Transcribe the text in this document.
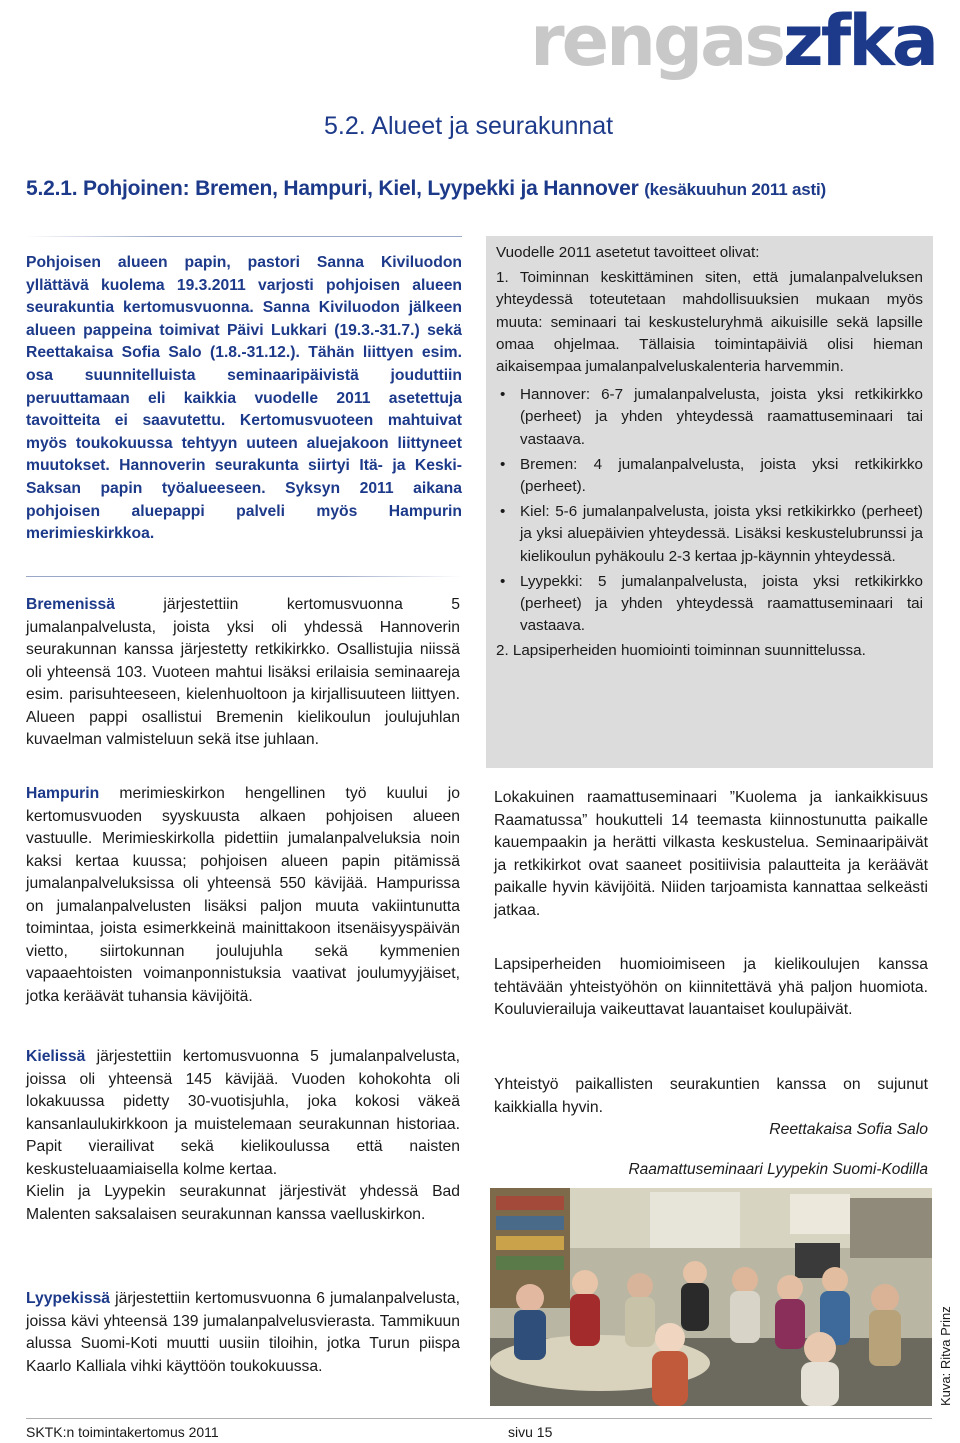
rengaszfka
5.2. Alueet ja seurakunnat
5.2.1. Pohjoinen: Bremen, Hampuri, Kiel, Lyypekki ja Hannover (kesäkuuhun 2011 asti)
Pohjoisen alueen papin, pastori Sanna Kiviluodon yllättävä kuolema 19.3.2011 varjosti pohjoisen alueen seurakuntia kertomusvuonna. Sanna Kiviluodon jälkeen alueen pappeina toimivat Päivi Lukkari (19.3.-31.7.) sekä Reettakaisa Sofia Salo (1.8.-31.12.). Tähän liittyen esim. osa suunnitelluista seminaaripäivistä jouduttiin peruuttamaan eli kaikkia vuodelle 2011 asetettuja tavoitteita ei saavutettu. Kertomusvuoteen mahtuivat myös toukokuussa tehtyyn uuteen aluejakoon liittyneet muutokset. Hannoverin seurakunta siirtyi Itä- ja Keski-Saksan papin työalueeseen. Syksyn 2011 aikana pohjoisen aluepappi palveli myös Hampurin merimieskirkkoa.
Bremenissä järjestettiin kertomusvuonna 5 jumalanpalvelusta, joista yksi oli yhdessä Hannoverin seurakunnan kanssa järjestetty retkikirkko. Osallistujia niissä oli yhteensä 103. Vuoteen mahtui lisäksi erilaisia seminaareja esim. parisuhteeseen, kielenhuoltoon ja kirjallisuuteen liittyen. Alueen pappi osallistui Bremenin kielikoulun joulujuhlan kuvaelman valmisteluun sekä itse juhlaan.
Hampurin merimieskirkon hengellinen työ kuului jo kertomusvuoden syyskuusta alkaen pohjoisen alueen vastuulle. Merimieskirkolla pidettiin jumalanpalveluksia noin kaksi kertaa kuussa; pohjoisen alueen papin pitämissä jumalanpalveluksissa oli yhteensä 550 kävijää. Hampurissa on jumalanpalvelusten lisäksi paljon muuta vakiintunutta toimintaa, joista esimerkkeinä mainittakoon itsenäisyyspäivän vietto, siirtokunnan joulujuhla sekä kymmenien vapaaehtoisten voimanponnistuksia vaativat joulumyyjäiset, jotka keräävät tuhansia kävijöitä.
Kielissä järjestettiin kertomusvuonna 5 jumalanpalvelusta, joissa oli yhteensä 145 kävijää. Vuoden kohokohta oli lokakuussa pidetty 30-vuotisjuhla, joka kokosi väkeä kansanlaulukirkkoon ja muistelemaan seurakunnan historiaa. Papit vierailivat sekä kielikoulussa että naisten keskusteluaamiaisella kolme kertaa.
Kielin ja Lyypekin seurakunnat järjestivät yhdessä Bad Malenten saksalaisen seurakunnan kanssa vaelluskirkon.
Lyypekissä järjestettiin kertomusvuonna 6 jumalanpalvelusta, joissa kävi yhteensä 139 jumalanpalvelusvierasta. Tammikuun alussa Suomi-Koti muutti uusiin tiloihin, jotka Turun piispa Kaarlo Kalliala vihki käyttöön toukokuussa.
Vuodelle 2011 asetetut tavoitteet olivat:
1. Toiminnan keskittäminen siten, että jumalanpalveluksen yhteydessä toteutetaan mahdollisuuksien mukaan myös muuta: seminaari tai keskusteluryhmä aikuisille sekä lapsille omaa ohjelmaa. Tällaisia toimintapäiviä olisi hieman aikaisempaa jumalanpalveluskalenteria harvemmin.
• Hannover: 6-7 jumalanpalvelusta, joista yksi retkikirkko (perheet) ja yhden yhteydessä raamattuseminaari tai vastaava.
• Bremen: 4 jumalanpalvelusta, joista yksi retkikirkko (perheet).
• Kiel: 5-6 jumalanpalvelusta, joista yksi retkikirkko (perheet) ja yksi aluepäivien yhteydessä. Lisäksi keskustelubrunssi ja kielikoulun pyhäkoulu 2-3 kertaa jp-käynnin yhteydessä.
• Lyypekki: 5 jumalanpalvelusta, joista yksi retkikirkko (perheet) ja yhden yhteydessä raamattuseminaari tai vastaava.
2. Lapsiperheiden huomiointi toiminnan suunnittelussa.
Lokakuinen raamattuseminaari ”Kuolema ja iankaikkisuus Raamatussa” houkutteli 14 teemasta kiinnostunutta paikalle kauempaakin ja herätti vilkasta keskustelua. Seminaaripäivät ja retkikirkot ovat saaneet positiivisia palautteita ja keräävät paikalle hyvin kävijöitä. Niiden tarjoamista kannattaa selkeästi jatkaa.
Lapsiperheiden huomioimiseen ja kielikoulujen kanssa tehtävään yhteistyöhön on kiinnitettävä yhä paljon huomiota. Kouluvierailuja vaikeuttavat lauantaiset koulupäivät.
Yhteistyö paikallisten seurakuntien kanssa on sujunut kaikkialla hyvin.
Reettakaisa Sofia Salo
Raamattuseminaari Lyypekin Suomi-Kodilla
Kuva: Ritva Prinz
SKTK:n toimintakertomus 2011	sivu 15
